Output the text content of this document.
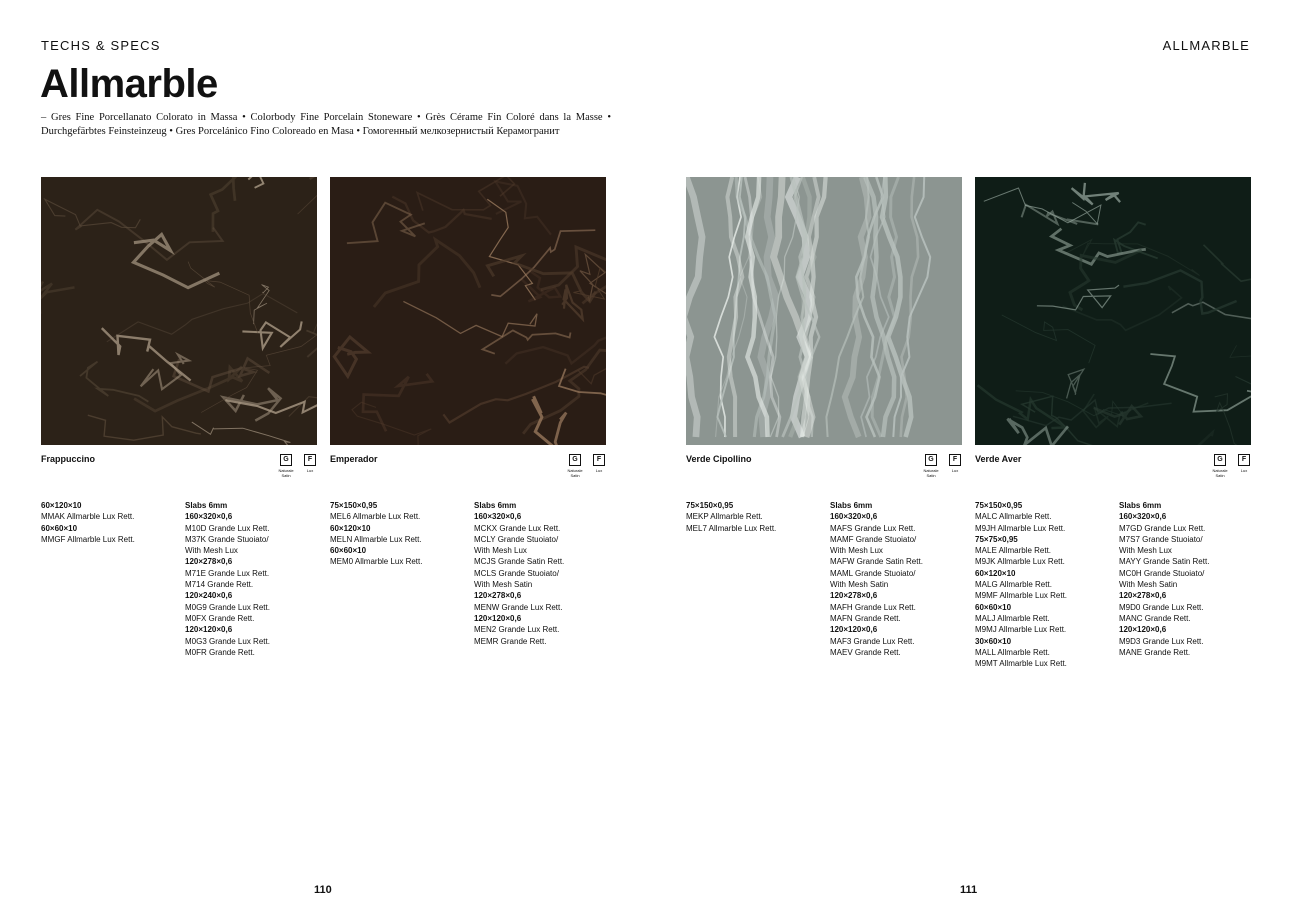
TECHS & SPECS	ALLMARBLE
Allmarble
– Gres Fine Porcellanato Colorato in Massa • Colorbody Fine Porcelain Stoneware • Grès Cérame Fin Coloré dans la Masse • Durchgefärbtes Feinsteinzeug • Gres Porcelánico Fino Coloreado en Masa • Гомогенный мелкозернистый Керамогранит
Frappuccino	G
Naturale Satin
F
Lux
Emperador	G
Naturale Satin
F
Lux
Verde Cipollino	G
Naturale Satin
F
Lux
Verde Aver	G
Naturale Satin
F
Lux
60×120×10
MMAK Allmarble Lux Rett.
60×60×10
MMGF Allmarble Lux Rett.
Slabs 6mm
160×320×0,6
M10D Grande Lux Rett.
M37K Grande Stuoiato/
With Mesh Lux
120×278×0,6
M71E Grande Lux Rett.
M714 Grande Rett.
120×240×0,6
M0G9 Grande Lux Rett.
M0FX Grande Rett.
120×120×0,6
M0G3 Grande Lux Rett.
M0FR Grande Rett.
75×150×0,95
MEL6 Allmarble Lux Rett.
60×120×10
MELN Allmarble Lux Rett.
60×60×10
MEM0 Allmarble Lux Rett.
Slabs 6mm
160×320×0,6
MCKX Grande Lux Rett.
MCLY Grande Stuoiato/
With Mesh Lux
MCJS Grande Satin Rett.
MCLS Grande Stuoiato/
With Mesh Satin
120×278×0,6
MENW Grande Lux Rett.
120×120×0,6
MEN2 Grande Lux Rett.
MEMR Grande Rett.
75×150×0,95
MEKP Allmarble Rett.
MEL7 Allmarble Lux Rett.
Slabs 6mm
160×320×0,6
MAFS Grande Lux Rett.
MAMF Grande Stuoiato/
With Mesh Lux
MAFW Grande Satin Rett.
MAML Grande Stuoiato/
With Mesh Satin
120×278×0,6
MAFH Grande Lux Rett.
MAFN Grande Rett.
120×120×0,6
MAF3 Grande Lux Rett.
MAEV Grande Rett.
75×150×0,95
MALC Allmarble Rett.
M9JH Allmarble Lux Rett.
75×75×0,95
MALE Allmarble Rett.
M9JK Allmarble Lux Rett.
60×120×10
MALG Allmarble Rett.
M9MF Allmarble Lux Rett.
60×60×10
MALJ Allmarble Rett.
M9MJ Allmarble Lux Rett.
30×60×10
MALL Allmarble Rett.
M9MT Allmarble Lux Rett.
Slabs 6mm
160×320×0,6
M7GD Grande Lux Rett.
M7S7 Grande Stuoiato/
With Mesh Lux
MAYY Grande Satin Rett.
MC0H Grande Stuoiato/
With Mesh Satin
120×278×0,6
M9D0 Grande Lux Rett.
MANC Grande Rett.
120×120×0,6
M9D3 Grande Lux Rett.
MANE Grande Rett.
110	111
